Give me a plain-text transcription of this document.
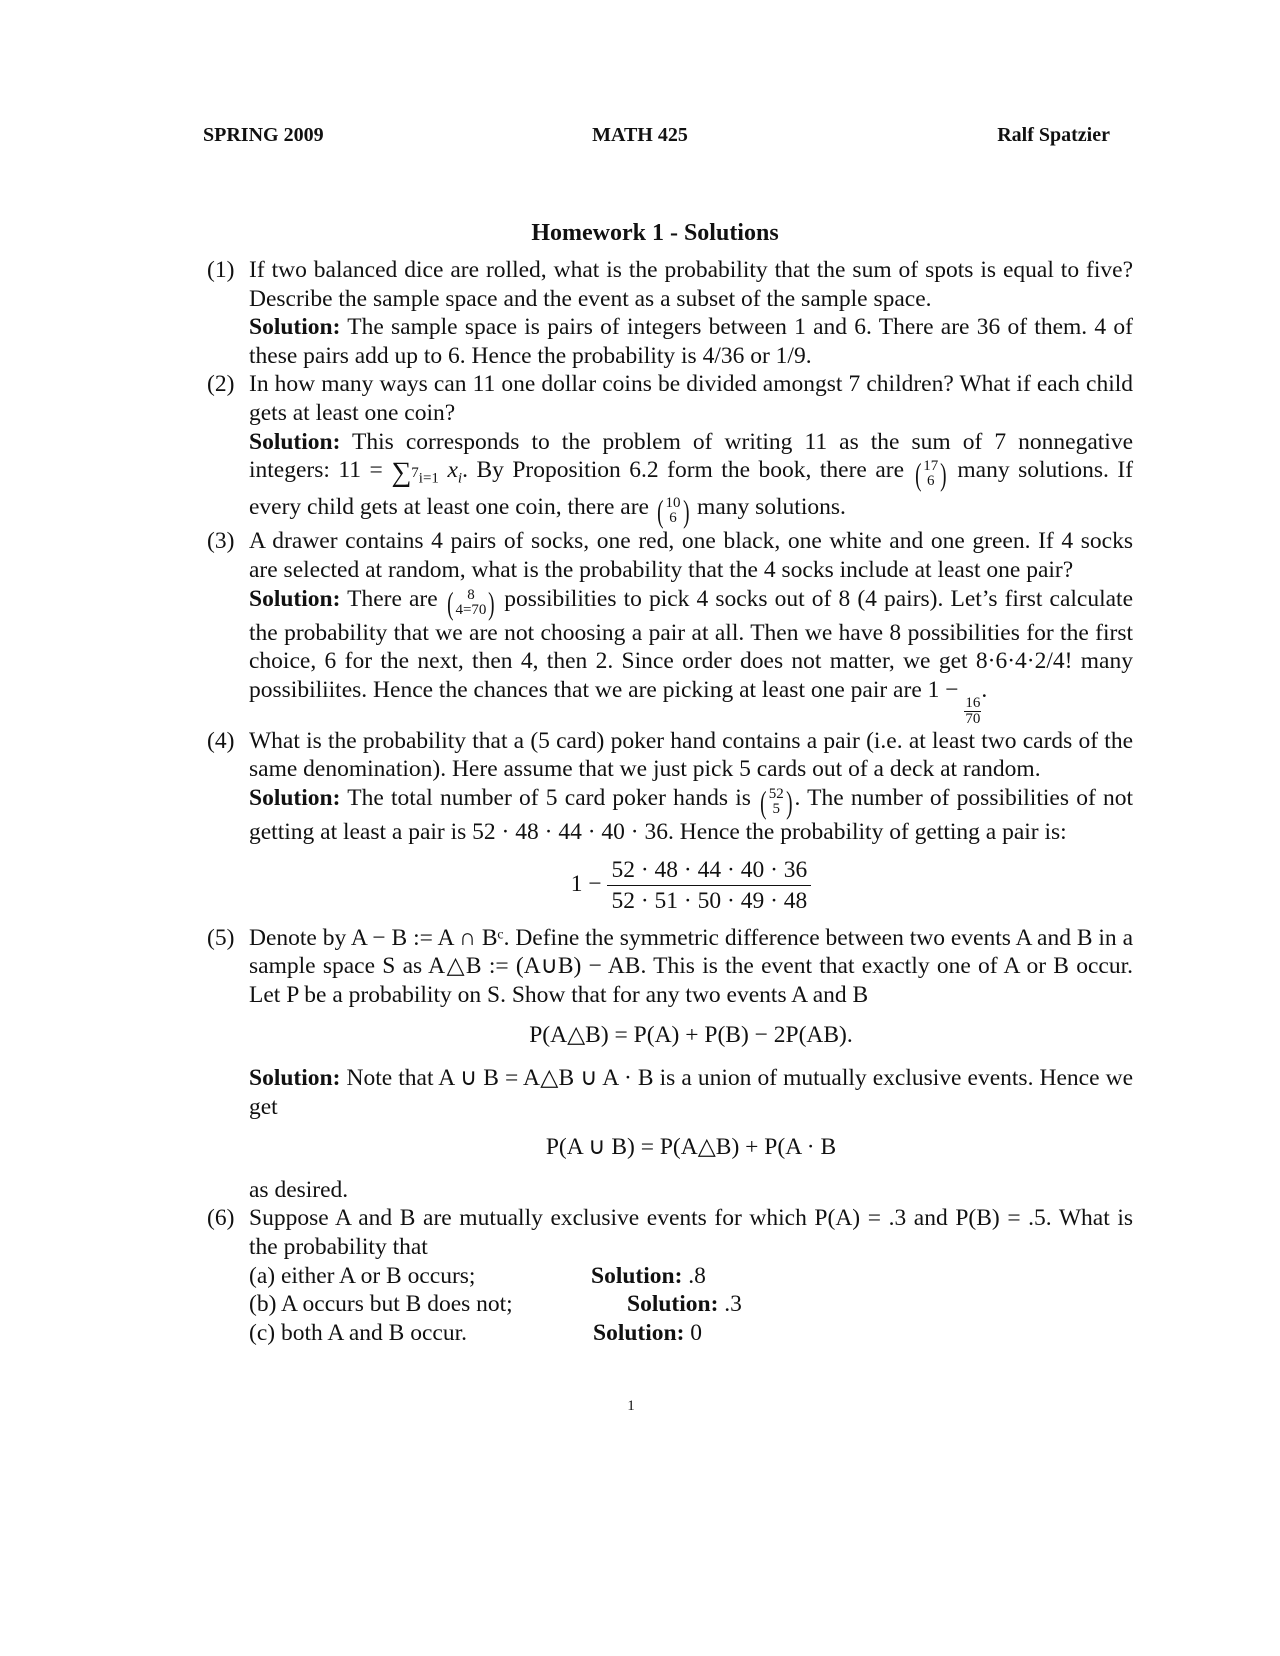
SPRING 2009	MATH 425	Ralf Spatzier
Homework 1 - Solutions
(1) If two balanced dice are rolled, what is the probability that the sum of spots is equal to five? Describe the sample space and the event as a subset of the sample space.

Solution: The sample space is pairs of integers between 1 and 6. There are 36 of them. 4 of these pairs add up to 6. Hence the probability is 4/36 or 1/9.

(2) In how many ways can 11 one dollar coins be divided amongst 7 children? What if each child gets at least one coin?

Solution: This corresponds to the problem of writing 11 as the sum of 7 nonnegative integers: $11 = \sum 7_{i=1}$ $x_i$. By Proposition 6.2 form the book, there are ( 17
6 ) many solutions. If every child gets at least one coin, there are ( 10
6 ) many solutions.

(3) A drawer contains 4 pairs of socks, one red, one black, one white and one green. If 4 socks are selected at random, what is the probability that the 4 socks include at least one pair?

Solution: There are ( 8
4=70 ) possibilities to pick 4 socks out of 8 (4 pairs). Let’s first calculate the probability that we are not choosing a pair at all. Then we have 8 possibilities for the first choice, 6 for the next, then 4, then 2. Since order does not matter, we get 8·6·4·2/4! many possibiliites. Hence the chances that we are picking at least one pair are 1 −
$\frac{16}{70}$
.

(4) What is the probability that a (5 card) poker hand contains a pair (i.e. at least two cards of the same denomination). Here assume that we just pick 5 cards out of a deck at random.

Solution: The total number of 5 card poker hands is ( 52
5 ) . The number of possibilities of not getting at least a pair is 52 · 48 · 44 · 40 · 36. Hence the probability of getting a pair is:

$1 - \frac{52 \cdot 48 \cdot 44 \cdot 40 \cdot 36}{52 \cdot 51 \cdot 50 \cdot 49 \cdot 48}$
(5) Denote by A − B := A ∩ Bᶜ. Define the symmetric difference between two events A and B in a sample space S as A△B := (A∪B) − AB. This is the event that exactly one of A or B occur. Let P be a probability on S. Show that for any two events A and B

P(A△B) = P(A) + P(B) − 2P(AB).

Solution: Note that A ∪ B = A△B ∪ A · B is a union of mutually exclusive events. Hence we get

P(A ∪ B) = P(A△B) + P(A · B

as desired.

(6) Suppose A and B are mutually exclusive events for which P(A) = .3 and P(B) = .5. What is the probability that

(a) either A or B occurs;	Solution: .8
(b) A occurs but B does not;	Solution: .3
(c) both A and B occur.	Solution: 0
1
